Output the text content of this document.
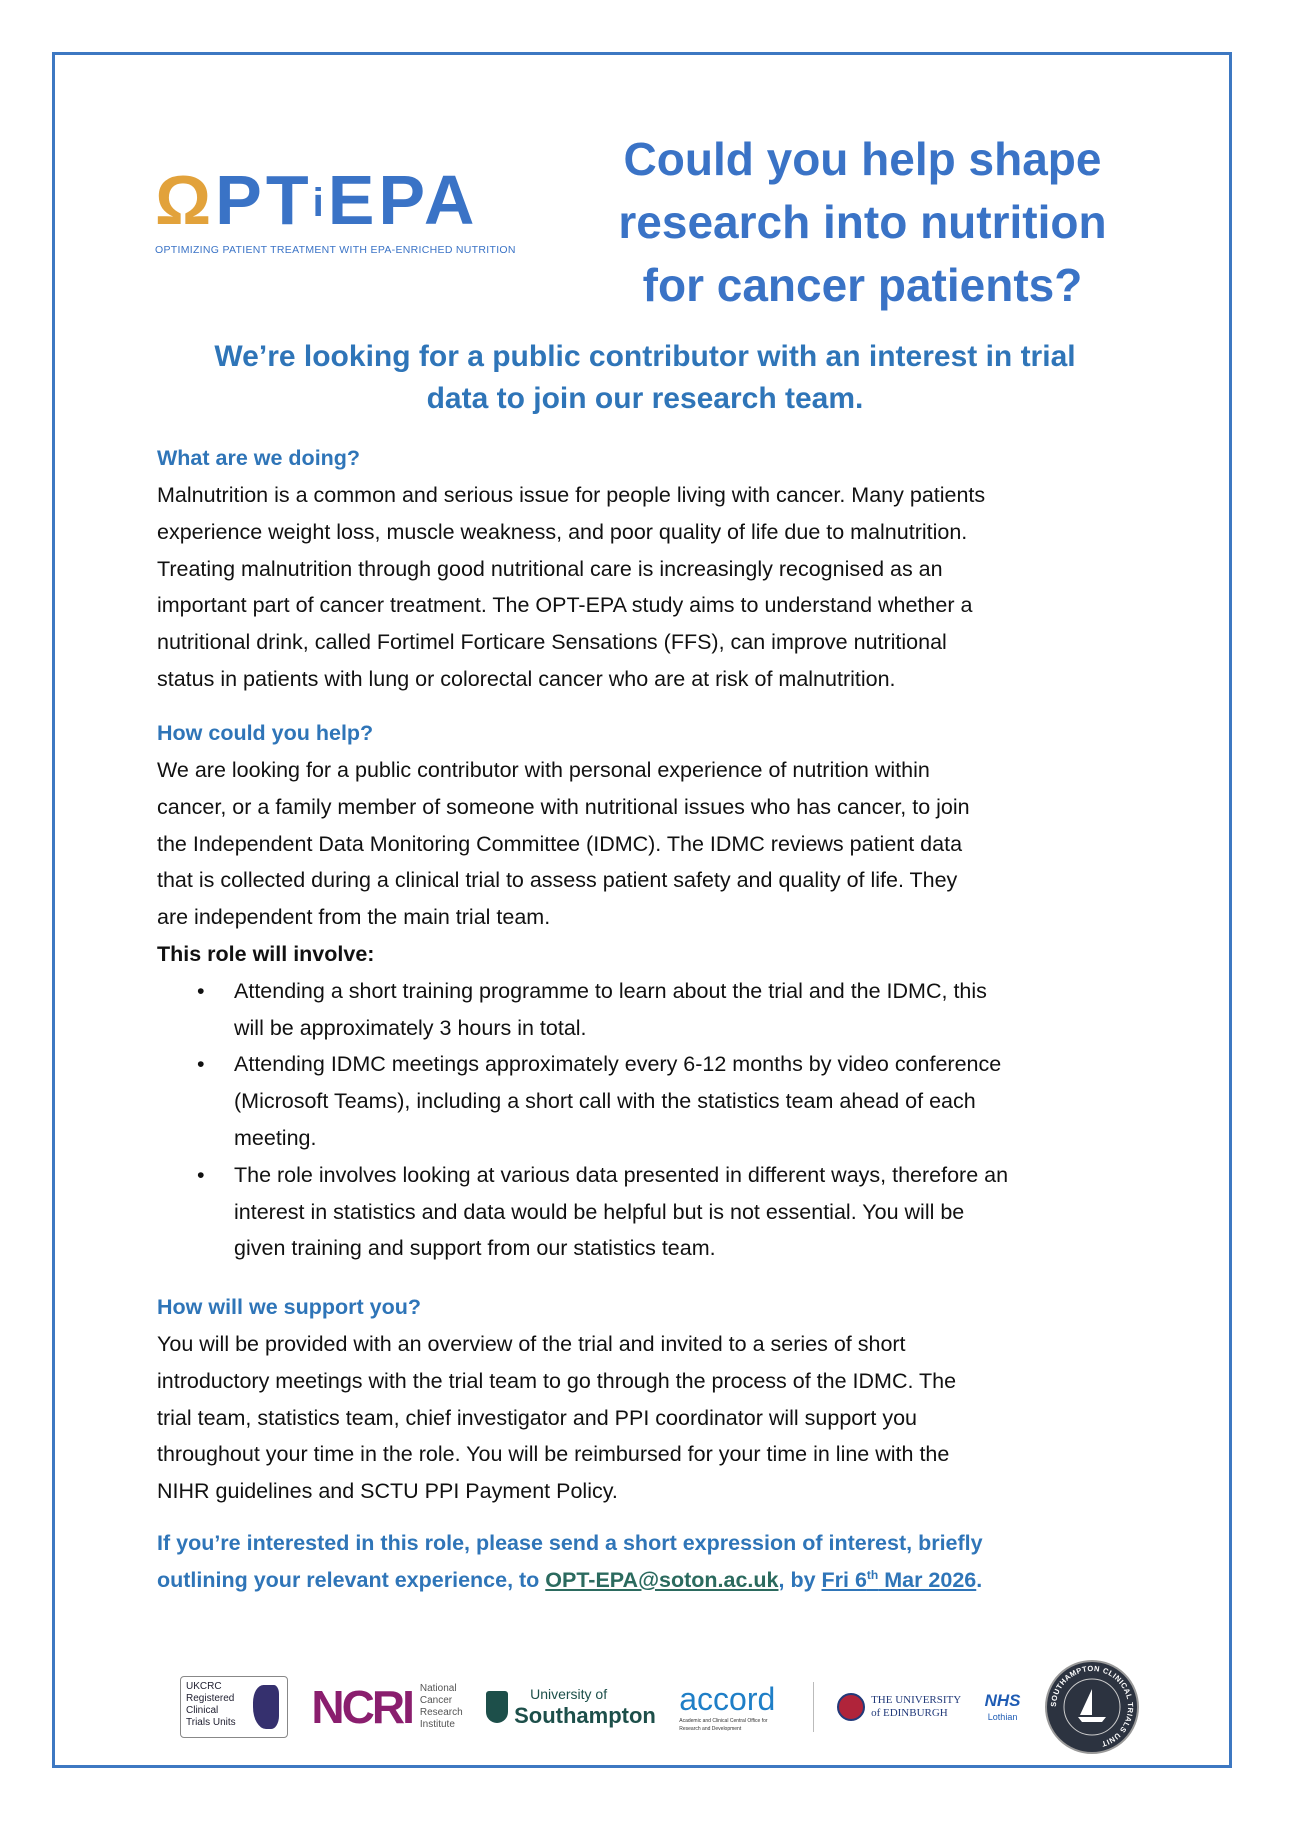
ΩPTiEPA
OPTIMIZING PATIENT TREATMENT WITH EPA-ENRICHED NUTRITION
Could you help shape
research into nutrition
for cancer patients?
We’re looking for a public contributor with an interest in trial
data to join our research team.
What are we doing?
Malnutrition is a common and serious issue for people living with cancer. Many patients
experience weight loss, muscle weakness, and poor quality of life due to malnutrition.
Treating malnutrition through good nutritional care is increasingly recognised as an
important part of cancer treatment. The OPT-EPA study aims to understand whether a
nutritional drink, called Fortimel Forticare Sensations (FFS), can improve nutritional
status in patients with lung or colorectal cancer who are at risk of malnutrition.
How could you help?
We are looking for a public contributor with personal experience of nutrition within
cancer, or a family member of someone with nutritional issues who has cancer, to join
the Independent Data Monitoring Committee (IDMC). The IDMC reviews patient data
that is collected during a clinical trial to assess patient safety and quality of life. They
are independent from the main trial team.
This role will involve:
• Attending a short training programme to learn about the trial and the IDMC, this
will be approximately 3 hours in total.
• Attending IDMC meetings approximately every 6-12 months by video conference
(Microsoft Teams), including a short call with the statistics team ahead of each
meeting.
• The role involves looking at various data presented in different ways, therefore an
interest in statistics and data would be helpful but is not essential. You will be
given training and support from our statistics team.
How will we support you?
You will be provided with an overview of the trial and invited to a series of short
introductory meetings with the trial team to go through the process of the IDMC. The
trial team, statistics team, chief investigator and PPI coordinator will support you
throughout your time in the role. You will be reimbursed for your time in line with the
NIHR guidelines and SCTU PPI Payment Policy.
If you’re interested in this role, please send a short expression of interest, briefly
outlining your relevant experience, to OPT-EPA@soton.ac.uk, by Fri 6th Mar 2026.
UKCRC
Registered
Clinical
Trials Units	NCRI National
Cancer
Research
Institute
University of
Southampton accord
Academic and Clinical Central Office for Research and Development
THE UNIVERSITY
of EDINBURGH
NHS
Lothian
SOUTHAMPTON CLINICAL TRIALS UNIT
